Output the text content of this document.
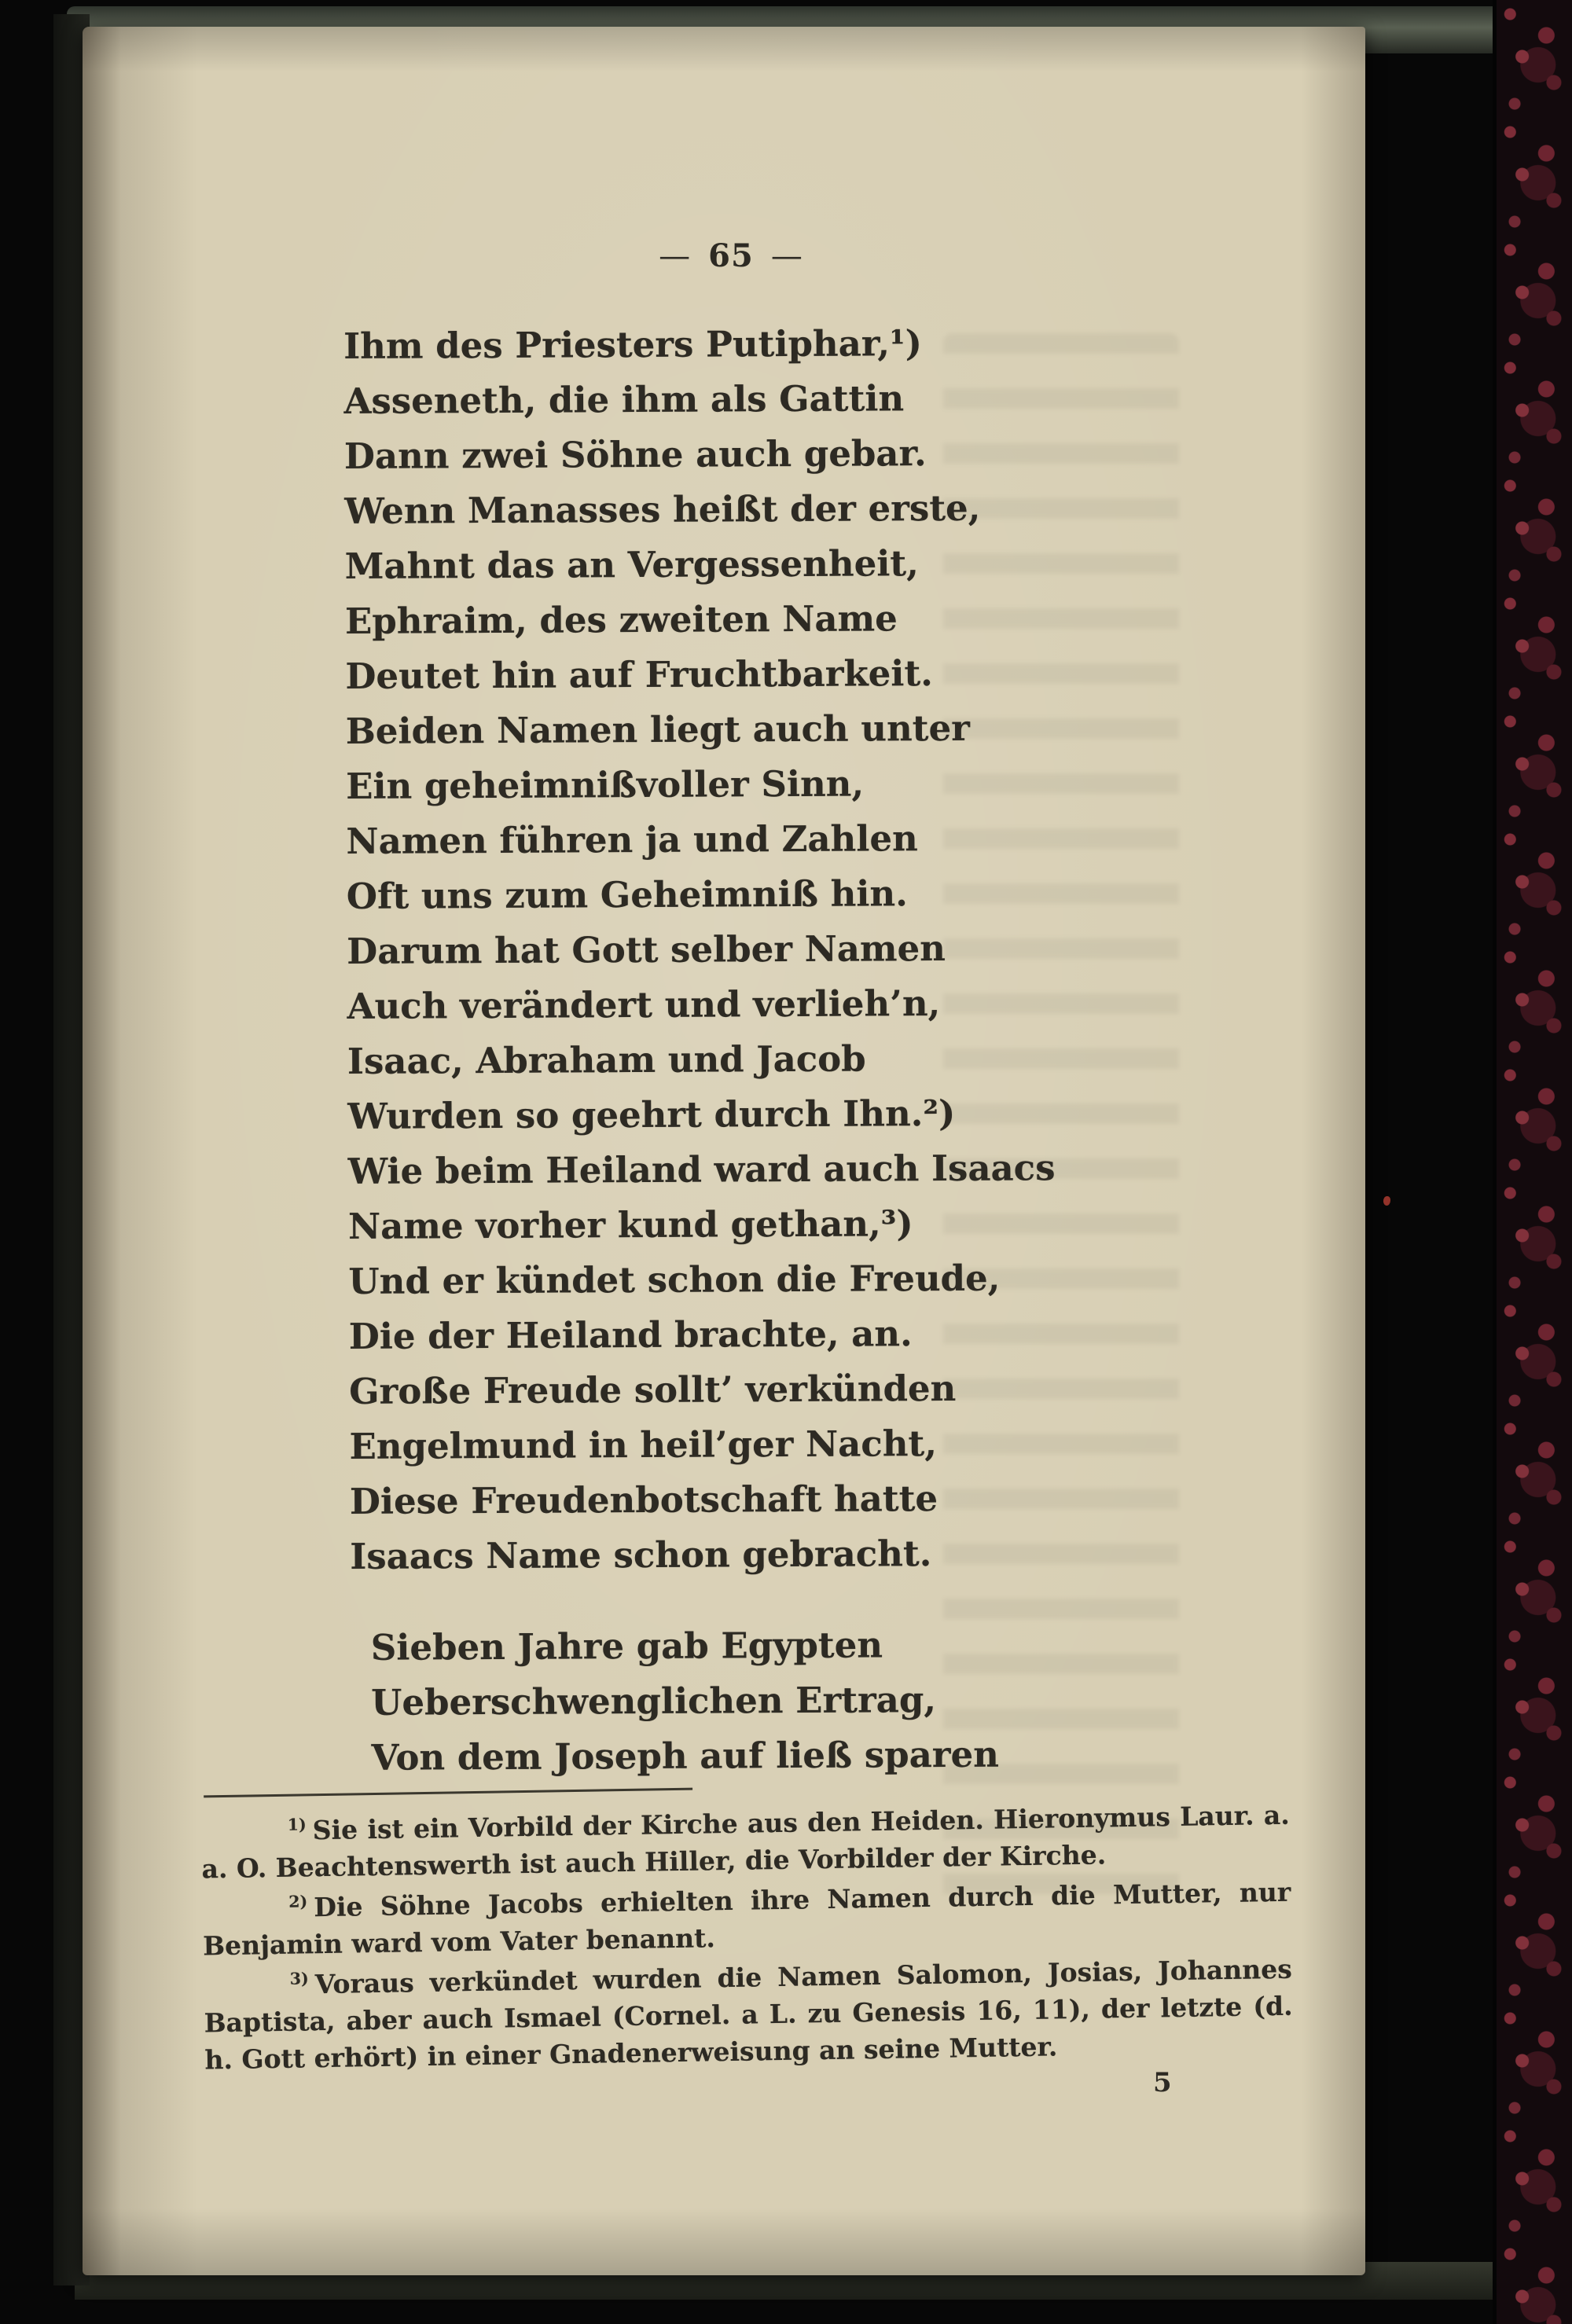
— 65 —
Ihm des Priesters Putiphar,¹)
Asseneth, die ihm als Gattin
Dann zwei Söhne auch gebar.
Wenn Manasses heißt der erste,
Mahnt das an Vergessenheit,
Ephraim, des zweiten Name
Deutet hin auf Fruchtbarkeit.
Beiden Namen liegt auch unter
Ein geheimnißvoller Sinn,
Namen führen ja und Zahlen
Oft uns zum Geheimniß hin.
Darum hat Gott selber Namen
Auch verändert und verlieh’n,
Isaac, Abraham und Jacob
Wurden so geehrt durch Ihn.²)
Wie beim Heiland ward auch Isaacs
Name vorher kund gethan,³)
Und er kündet schon die Freude,
Die der Heiland brachte, an.
Große Freude sollt’ verkünden
Engelmund in heil’ger Nacht,
Diese Freudenbotschaft hatte
Isaacs Name schon gebracht.
Sieben Jahre gab Egypten
Ueberschwenglichen Ertrag,
Von dem Joseph auf ließ sparen

$^{1)}$ Sie ist ein Vorbild der Kirche aus den Heiden. Hieronymus Laur. a. a. O. Beachtenswerth ist auch Hiller, die Vorbilder der Kirche.

$^{2)}$ Die Söhne Jacobs erhielten ihre Namen durch die Mutter, nur Benjamin ward vom Vater benannt.

$^{3)}$ Voraus verkündet wurden die Namen Salomon, Josias, Johannes Baptista, aber auch Ismael (Cornel. a L. zu Genesis 16, 11), der letzte (d. h. Gott erhört) in einer Gnadenerweisung an seine Mutter.

5
